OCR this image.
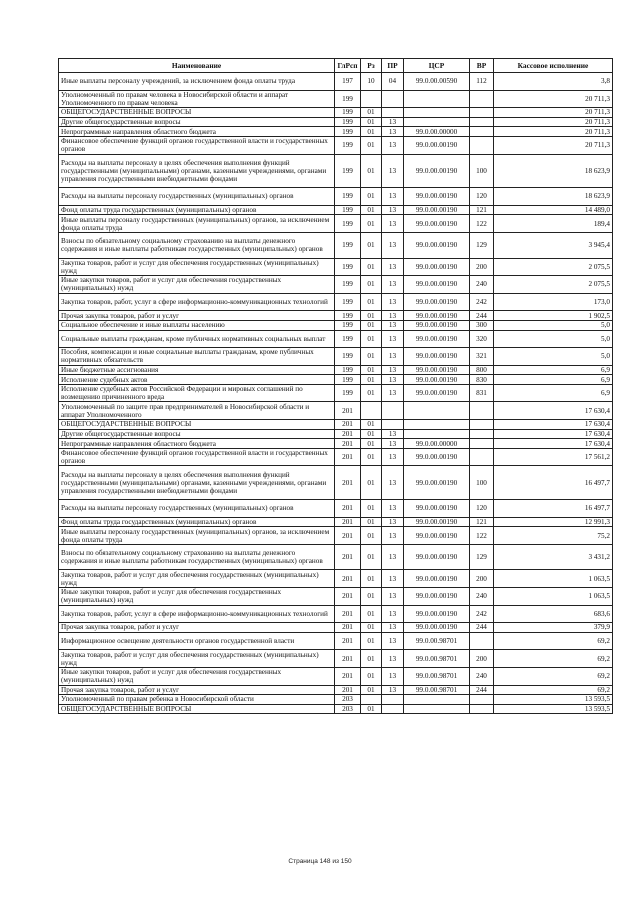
Наименование	ГлРсп	Рз	ПР	ЦСР	ВР	Кассовое исполнение
Иные выплаты персоналу учреждений, за исключением фонда оплаты труда	197	10	04	99.0.00.00590	112	3,8
Уполномоченный по правам человека в Новосибирской области и аппарат Уполномоченного по правам человека	199					20 711,3
ОБЩЕГОСУДАРСТВЕННЫЕ ВОПРОСЫ	199	01				20 711,3
Другие общегосударственные вопросы	199	01	13			20 711,3
Непрограммные направления областного бюджета	199	01	13	99.0.00.00000		20 711,3
Финансовое обеспечение функций органов государственной власти и государственных органов	199	01	13	99.0.00.00190		20 711,3
Расходы на выплаты персоналу в целях обеспечения выполнения функций государственными (муниципальными) органами, казенными учреждениями, органами управления государственными внебюджетными фондами	199	01	13	99.0.00.00190	100	18 623,9
Расходы на выплаты персоналу государственных (муниципальных) органов	199	01	13	99.0.00.00190	120	18 623,9
Фонд оплаты труда государственных (муниципальных) органов	199	01	13	99.0.00.00190	121	14 489,0
Иные выплаты персоналу государственных (муниципальных) органов, за исключением фонда оплаты труда	199	01	13	99.0.00.00190	122	189,4
Взносы по обязательному социальному страхованию на выплаты денежного содержания и иные выплаты работникам государственных (муниципальных) органов	199	01	13	99.0.00.00190	129	3 945,4
Закупка товаров, работ и услуг для обеспечения государственных (муниципальных) нужд	199	01	13	99.0.00.00190	200	2 075,5
Иные закупки товаров, работ и услуг для обеспечения государственных (муниципальных) нужд	199	01	13	99.0.00.00190	240	2 075,5
Закупка товаров, работ, услуг в сфере информационно-коммуникационных технологий	199	01	13	99.0.00.00190	242	173,0
Прочая закупка товаров, работ и услуг	199	01	13	99.0.00.00190	244	1 902,5
Социальное обеспечение и иные выплаты населению	199	01	13	99.0.00.00190	300	5,0
Социальные выплаты гражданам, кроме публичных нормативных социальных выплат	199	01	13	99.0.00.00190	320	5,0
Пособия, компенсации и иные социальные выплаты гражданам, кроме публичных нормативных обязательств	199	01	13	99.0.00.00190	321	5,0
Иные бюджетные ассигнования	199	01	13	99.0.00.00190	800	6,9
Исполнение судебных актов	199	01	13	99.0.00.00190	830	6,9
Исполнение судебных актов Российской Федерации и мировых соглашений по возмещению причиненного вреда	199	01	13	99.0.00.00190	831	6,9
Уполномоченный по защите прав предпринимателей в Новосибирской области и аппарат Уполномоченного	201					17 630,4
ОБЩЕГОСУДАРСТВЕННЫЕ ВОПРОСЫ	201	01				17 630,4
Другие общегосударственные вопросы	201	01	13			17 630,4
Непрограммные направления областного бюджета	201	01	13	99.0.00.00000		17 630,4
Финансовое обеспечение функций органов государственной власти и государственных органов	201	01	13	99.0.00.00190		17 561,2
Расходы на выплаты персоналу в целях обеспечения выполнения функций государственными (муниципальными) органами, казенными учреждениями, органами управления государственными внебюджетными фондами	201	01	13	99.0.00.00190	100	16 497,7
Расходы на выплаты персоналу государственных (муниципальных) органов	201	01	13	99.0.00.00190	120	16 497,7
Фонд оплаты труда государственных (муниципальных) органов	201	01	13	99.0.00.00190	121	12 991,3
Иные выплаты персоналу государственных (муниципальных) органов, за исключением фонда оплаты труда	201	01	13	99.0.00.00190	122	75,2
Взносы по обязательному социальному страхованию на выплаты денежного содержания и иные выплаты работникам государственных (муниципальных) органов	201	01	13	99.0.00.00190	129	3 431,2
Закупка товаров, работ и услуг для обеспечения государственных (муниципальных) нужд	201	01	13	99.0.00.00190	200	1 063,5
Иные закупки товаров, работ и услуг для обеспечения государственных (муниципальных) нужд	201	01	13	99.0.00.00190	240	1 063,5
Закупка товаров, работ, услуг в сфере информационно-коммуникационных технологий	201	01	13	99.0.00.00190	242	683,6
Прочая закупка товаров, работ и услуг	201	01	13	99.0.00.00190	244	379,9
Информационное освещение деятельности органов государственной власти	201	01	13	99.0.00.98701		69,2
Закупка товаров, работ и услуг для обеспечения государственных (муниципальных) нужд	201	01	13	99.0.00.98701	200	69,2
Иные закупки товаров, работ и услуг для обеспечения государственных (муниципальных) нужд	201	01	13	99.0.00.98701	240	69,2
Прочая закупка товаров, работ и услуг	201	01	13	99.0.00.98701	244	69,2
Уполномоченный по правам ребенка в Новосибирской области	203					13 593,5
ОБЩЕГОСУДАРСТВЕННЫЕ ВОПРОСЫ	203	01				13 593,5
Страница 148 из 150
